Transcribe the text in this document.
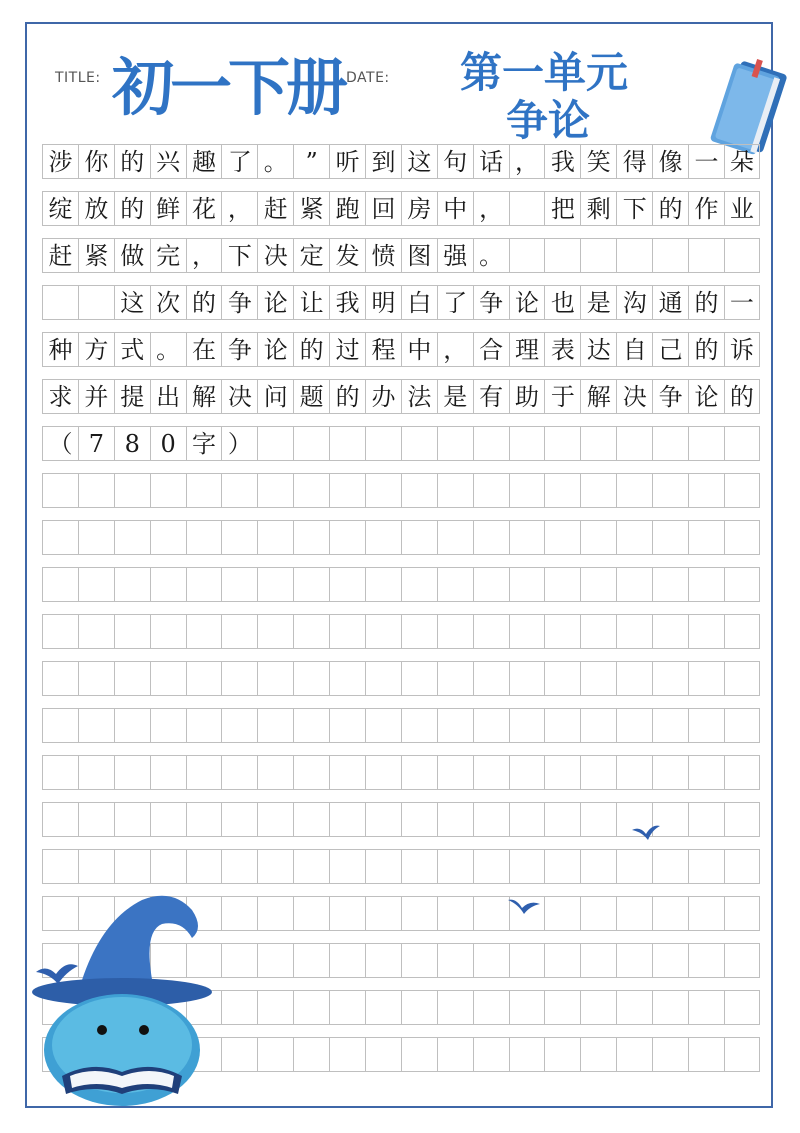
TITLE: 初一下册 DATE: 第一单元
争论
涉 你 的 兴 趣 了 。 ” 听 到 这 句 话 ， 我 笑 得 像 一 朵
绽 放 的 鲜 花 ， 赶 紧 跑 回 房 中 ，
　 把 剩 下 的 作 业
赶 紧 做 完 ， 下 决 定 发 愤 图 强 。

这 次 的 争 论 让 我 明 白 了 争 论 也 是 沟 通 的 一
种 方 式 。 在 争 论 的 过 程 中 ， 合 理 表 达 自 己 的 诉
求 并 提 出 解 决 问 题 的 办 法 是 有 助 于 解 决 争 论 的
（ 7 8 0 字 ）
